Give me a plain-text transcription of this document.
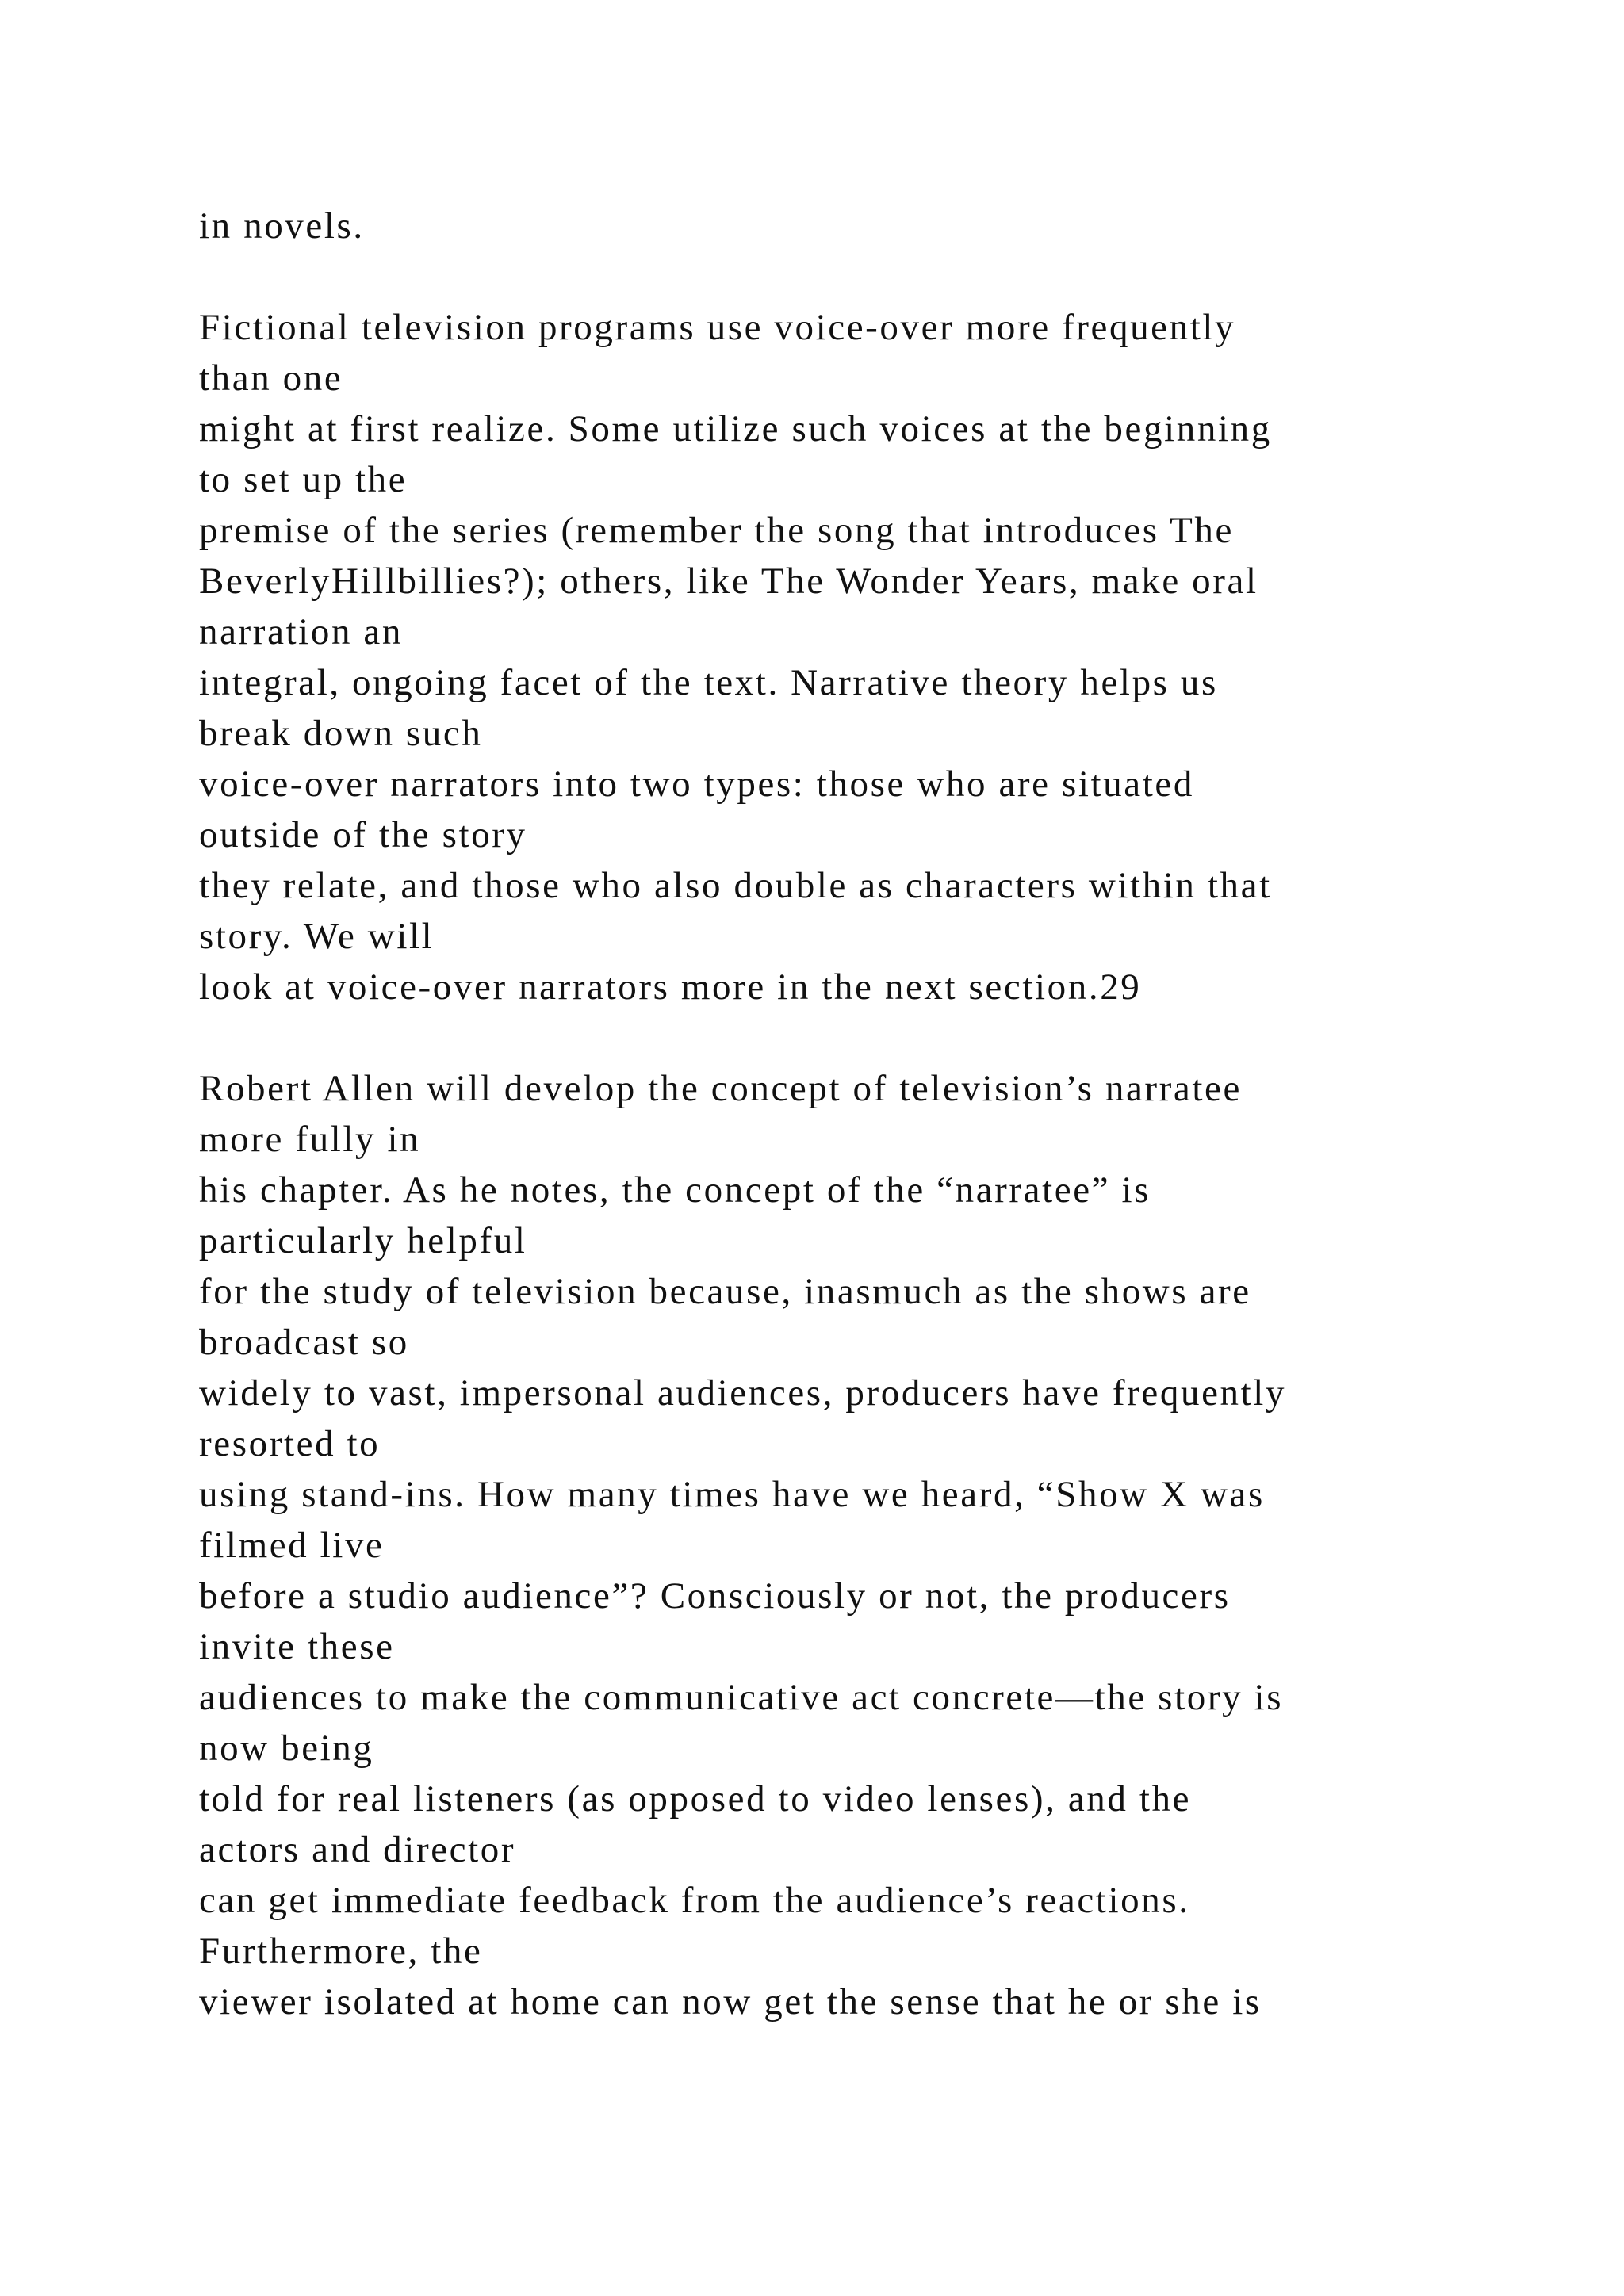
in novels.
Fictional television programs use voice-over more frequently
than one
might at first realize. Some utilize such voices at the beginning
to set up the
premise of the series (remember the song that introduces The
BeverlyHillbillies?); others, like The Wonder Years, make oral
narration an
integral, ongoing facet of the text. Narrative theory helps us
break down such
voice-over narrators into two types: those who are situated
outside of the story
they relate, and those who also double as characters within that
story. We will
look at voice-over narrators more in the next section.29
Robert Allen will develop the concept of television’s narratee
more fully in
his chapter. As he notes, the concept of the “narratee” is
particularly helpful
for the study of television because, inasmuch as the shows are
broadcast so
widely to vast, impersonal audiences, producers have frequently
resorted to
using stand-ins. How many times have we heard, “Show X was
filmed live
before a studio audience”? Consciously or not, the producers
invite these
audiences to make the communicative act concrete—the story is
now being
told for real listeners (as opposed to video lenses), and the
actors and director
can get immediate feedback from the audience’s reactions.
Furthermore, the
viewer isolated at home can now get the sense that he or she is
